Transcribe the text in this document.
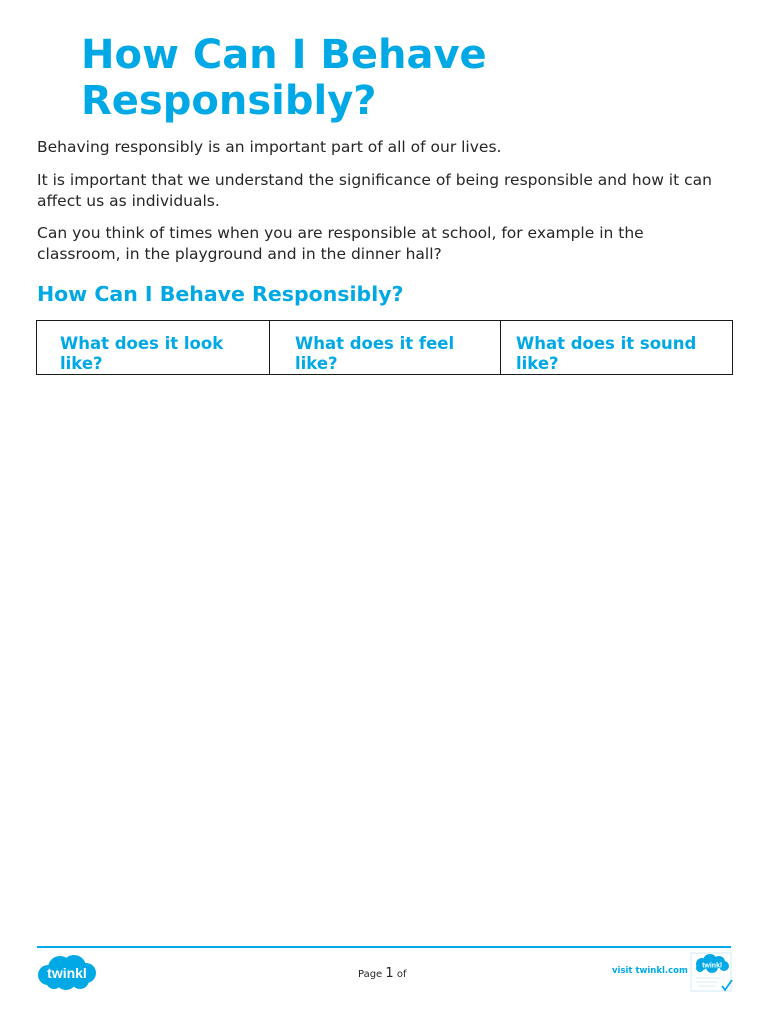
How Can I Behave Responsibly?

Behaving responsibly is an important part of all of our lives.

It is important that we understand the significance of being responsible and how it can affect us as individuals.

Can you think of times when you are responsible at school, for example in the classroom, in the playground and in the dinner hall?

How Can I Behave Responsibly?
What does it look like?
What does it feel like?
What does it sound like?
twinkl	Page 1 of	visit twinkl.com twinkl
